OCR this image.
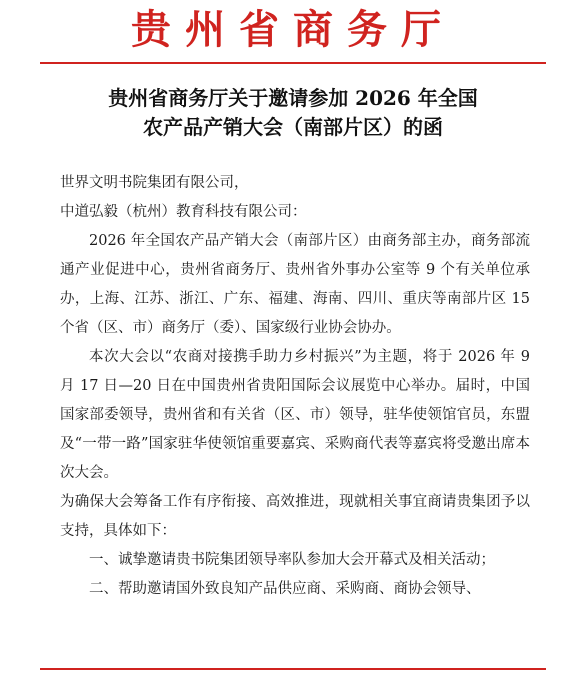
贵州省商务厅
贵州省商务厅关于邀请参加 2026 年全国
农产品产销大会（南部片区）的函

世界文明书院集团有限公司，

中道弘毅（杭州）教育科技有限公司：

2026 年全国农产品产销大会（南部片区）由商务部主办，商务部流通产业促进中心，贵州省商务厅、贵州省外事办公室等 9 个有关单位承办，上海、江苏、浙江、广东、福建、海南、四川、重庆等南部片区 15 个省（区、市）商务厅（委）、国家级行业协会协办。

本次大会以“农商对接携手助力乡村振兴”为主题，将于 2026 年 9 月 17 日—20 日在中国贵州省贵阳国际会议展览中心举办。届时，中国国家部委领导，贵州省和有关省（区、市）领导，驻华使领馆官员，东盟及“一带一路”国家驻华使领馆重要嘉宾、采购商代表等嘉宾将受邀出席本次大会。

为确保大会筹备工作有序衔接、高效推进，现就相关事宜商请贵集团予以支持，具体如下：

一、诚挚邀请贵书院集团领导率队参加大会开幕式及相关活动；

二、帮助邀请国外致良知产品供应商、采购商、商协会领导、
